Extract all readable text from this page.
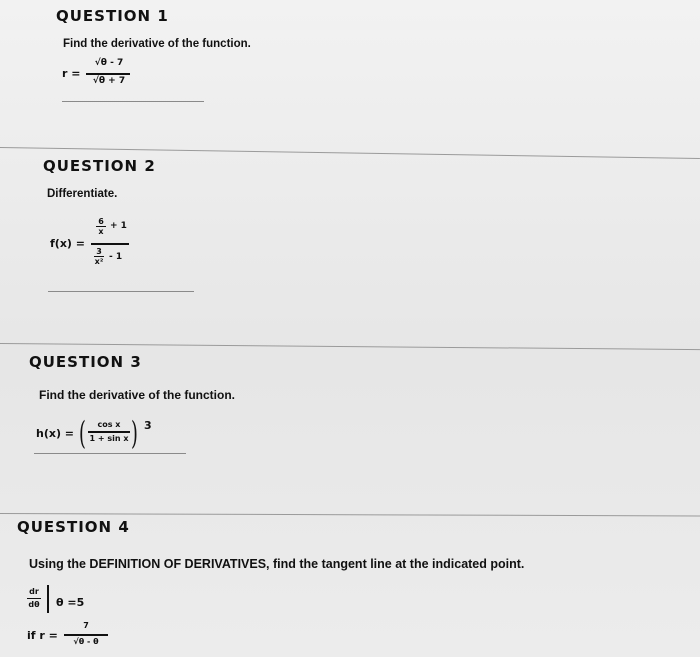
QUESTION 1
Find the derivative of the function.
r =
√θ - 7
√θ + 7
QUESTION 2
Differentiate.
f(x) =
6
x
+ 1
3
x² - 1
QUESTION 3
Find the derivative of the function.
h(x) = (	cos x
1 + sin x ) 3
QUESTION 4
Using the DEFINITION OF DERIVATIVES, find the tangent line at the indicated point.
dr
dθ	θ =5
if r =
7
√θ - θ
